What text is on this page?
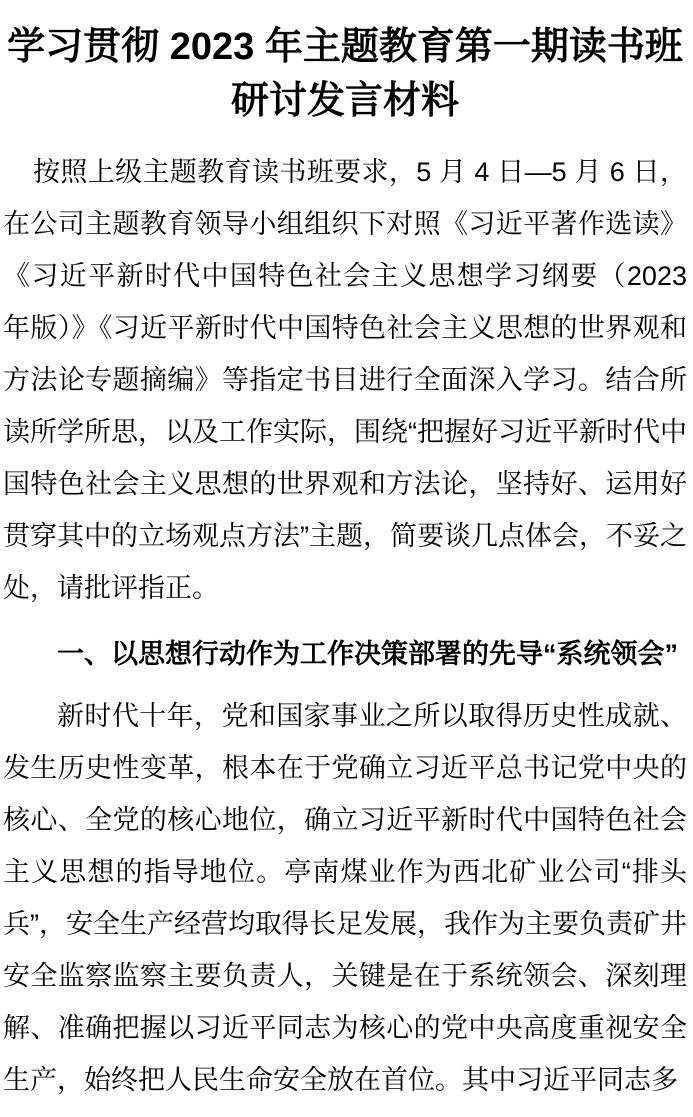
学习贯彻 2023 年主题教育第一期读书班研讨发言材料

按照上级主题教育读书班要求，5 月 4 日—5 月 6 日，在公司主题教育领导小组组织下对照《习近平著作选读》《习近平新时代中国特色社会主义思想学习纲要（2023 年版）》《习近平新时代中国特色社会主义思想的世界观和方法论专题摘编》等指定书目进行全面深入学习。结合所读所学所思，以及工作实际，围绕“把握好习近平新时代中国特色社会主义思想的世界观和方法论，坚持好、运用好贯穿其中的立场观点方法”主题，简要谈几点体会，不妥之处，请批评指正。

一、以思想行动作为工作决策部署的先导“系统领会”

新时代十年，党和国家事业之所以取得历史性成就、发生历史性变革，根本在于党确立习近平总书记党中央的核心、全党的核心地位，确立习近平新时代中国特色社会主义思想的指导地位。亭南煤业作为西北矿业公司“排头兵”，安全生产经营均取得长足发展，我作为主要负责矿井安全监察监察主要负责人，关键是在于系统领会、深刻理解、准确把握以习近平同志为核心的党中央高度重视安全生产，始终把人民生命安全放在首位。其中习近平同志多
